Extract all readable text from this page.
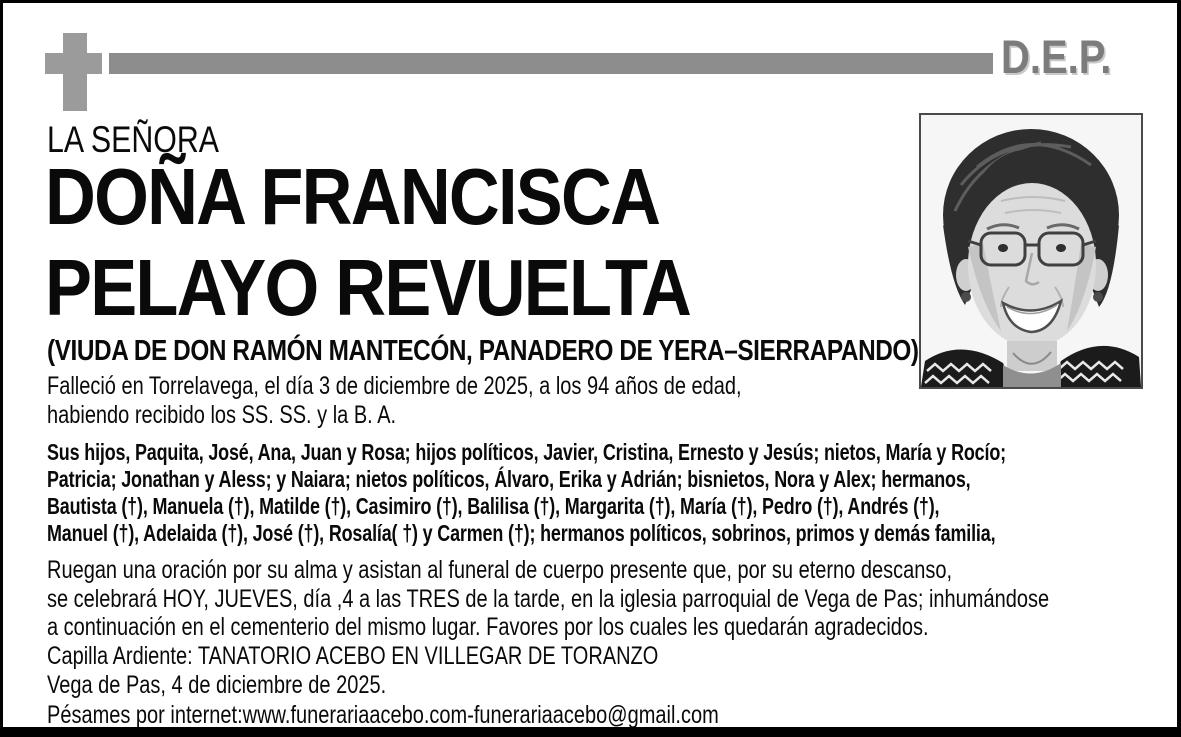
D.E.P.
LA SEÑORA
DOÑA FRANCISCA
PELAYO REVUELTA
(VIUDA DE DON RAMÓN MANTECÓN, PANADERO DE YERA–SIERRAPANDO)
Falleció en Torrelavega, el día 3 de diciembre de 2025, a los 94 años de edad,
habiendo recibido los SS. SS. y la B. A.
Sus hijos, Paquita, José, Ana, Juan y Rosa; hijos políticos, Javier, Cristina, Ernesto y Jesús; nietos, María y Rocío;
Patricia; Jonathan y Aless; y Naiara; nietos políticos, Álvaro, Erika y Adrián; bisnietos, Nora y Alex; hermanos,
Bautista (†), Manuela (†), Matilde (†), Casimiro (†), Balilisa (†), Margarita (†), María (†), Pedro (†), Andrés (†),
Manuel (†), Adelaida (†), José (†), Rosalía( †) y Carmen (†); hermanos políticos, sobrinos, primos y demás familia,
Ruegan una oración por su alma y asistan al funeral de cuerpo presente que, por su eterno descanso,
se celebrará HOY, JUEVES, día ,4 a las TRES de la tarde, en la iglesia parroquial de Vega de Pas; inhumándose
a continuación en el cementerio del mismo lugar. Favores por los cuales les quedarán agradecidos.
Capilla Ardiente: TANATORIO ACEBO EN VILLEGAR DE TORANZO
Vega de Pas, 4 de diciembre de 2025.
Pésames por internet:www.funerariaacebo.com-funerariaacebo@gmail.com
